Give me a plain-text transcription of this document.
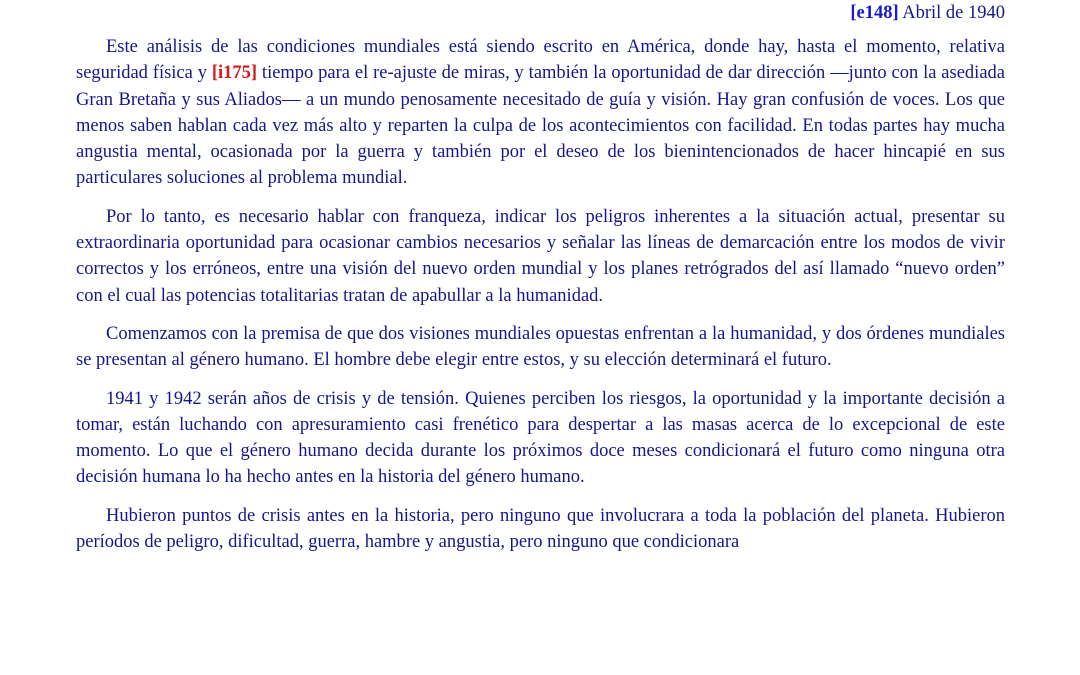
[e148] Abril de 1940

Este análisis de las condiciones mundiales está siendo escrito en América, donde hay, hasta el momento, relativa seguridad física y [i175] tiempo para el re-ajuste de miras, y también la oportunidad de dar dirección —junto con la asediada Gran Bretaña y sus Aliados— a un mundo penosamente necesitado de guía y visión. Hay gran confusión de voces. Los que menos saben hablan cada vez más alto y reparten la culpa de los acontecimientos con facilidad. En todas partes hay mucha angustia mental, ocasionada por la guerra y también por el deseo de los bienintencionados de hacer hincapié en sus particulares soluciones al problema mundial.

Por lo tanto, es necesario hablar con franqueza, indicar los peligros inherentes a la situación actual, presentar su extraordinaria oportunidad para ocasionar cambios necesarios y señalar las líneas de demarcación entre los modos de vivir correctos y los erróneos, entre una visión del nuevo orden mundial y los planes retrógrados del así llamado “nuevo orden” con el cual las potencias totalitarias tratan de apabullar a la humanidad.

Comenzamos con la premisa de que dos visiones mundiales opuestas enfrentan a la humanidad, y dos órdenes mundiales se presentan al género humano. El hombre debe elegir entre estos, y su elección determinará el futuro.

1941 y 1942 serán años de crisis y de tensión. Quienes perciben los riesgos, la oportunidad y la importante decisión a tomar, están luchando con apresuramiento casi frenético para despertar a las masas acerca de lo excepcional de este momento. Lo que el género humano decida durante los próximos doce meses condicionará el futuro como ninguna otra decisión humana lo ha hecho antes en la historia del género humano.

Hubieron puntos de crisis antes en la historia, pero ninguno que involucrara a toda la población del planeta. Hubieron períodos de peligro, dificultad, guerra, hambre y angustia, pero ninguno que condicionara
